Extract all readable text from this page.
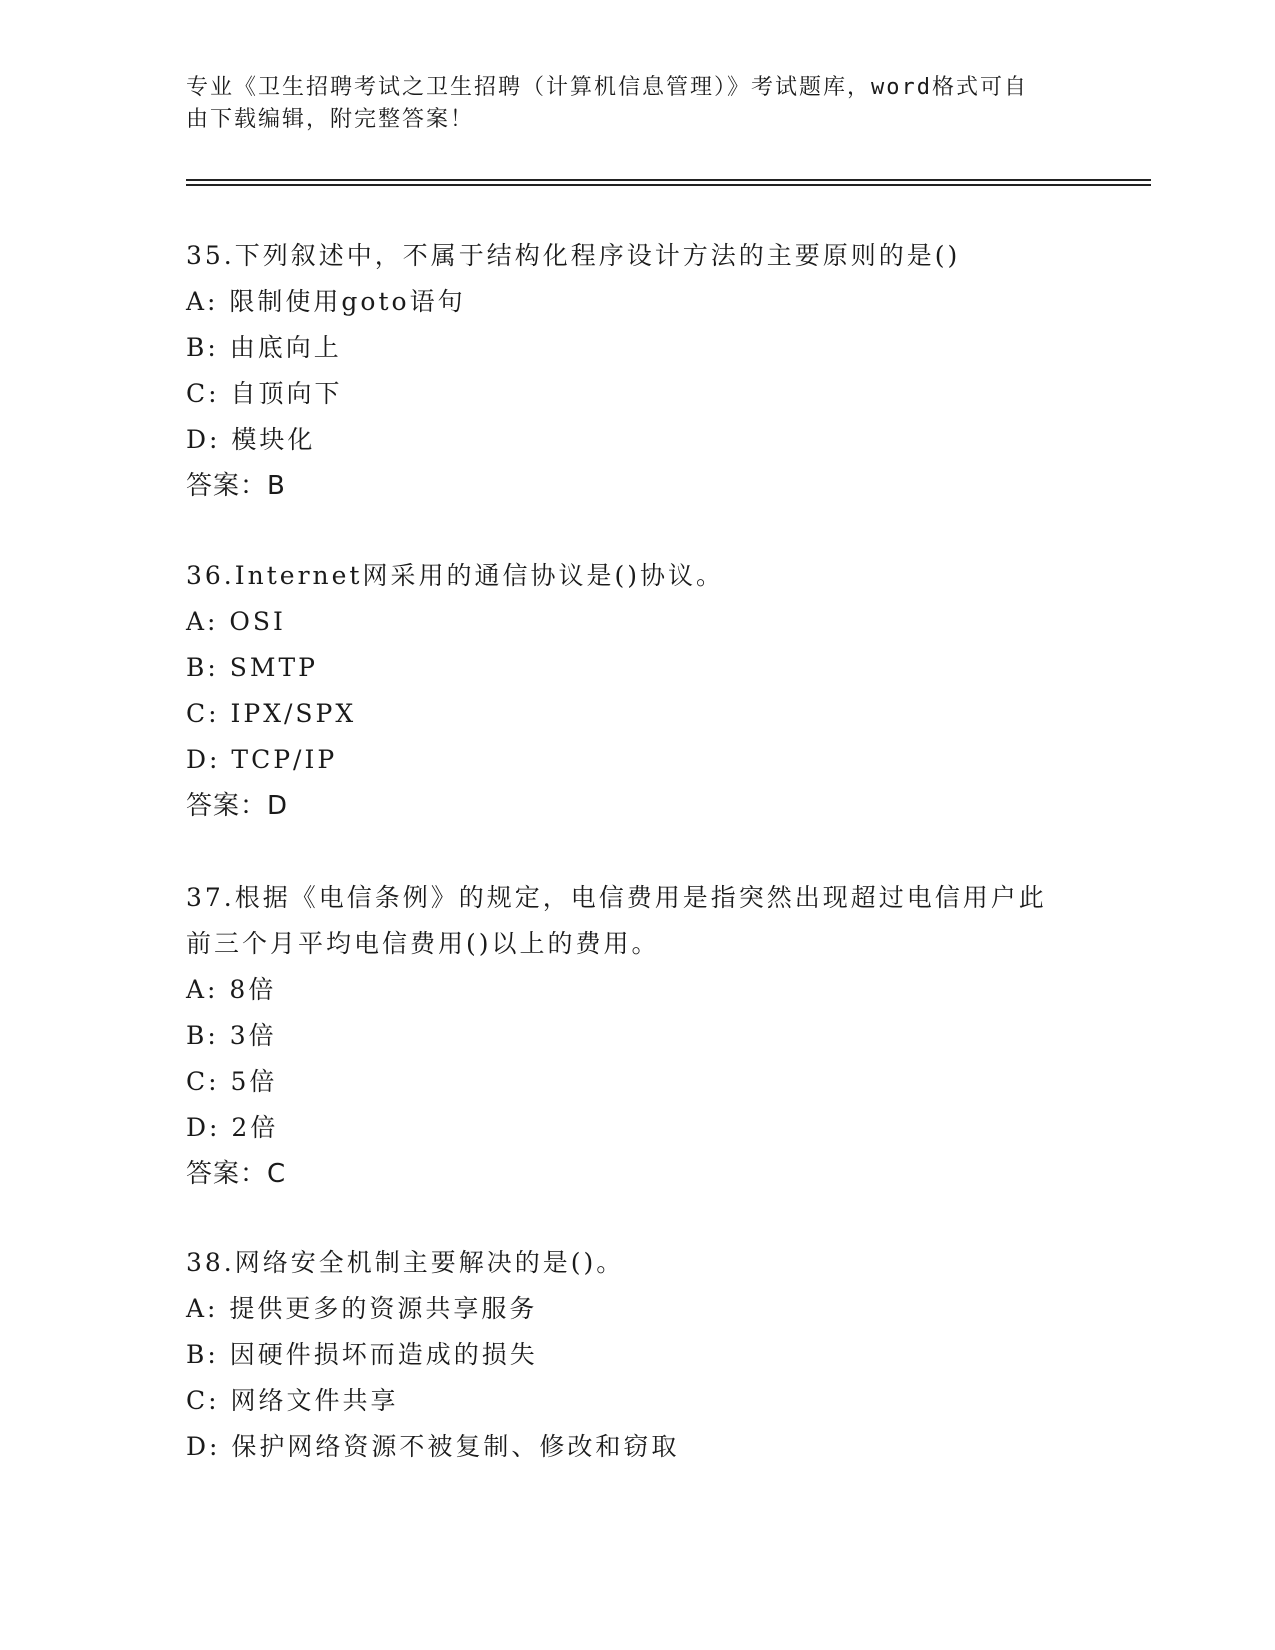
专业《卫生招聘考试之卫生招聘（计算机信息管理）》考试题库，word格式可自
由下载编辑，附完整答案！
35.下列叙述中，不属于结构化程序设计方法的主要原则的是()
A: 限制使用goto语句
B: 由底向上
C: 自顶向下
D: 模块化
答案：B
36.Internet网采用的通信协议是()协议。
A: OSI
B: SMTP
C: IPX/SPX
D: TCP/IP
答案：D
37.根据《电信条例》的规定，电信费用是指突然出现超过电信用户此
前三个月平均电信费用()以上的费用。
A: 8倍
B: 3倍
C: 5倍
D: 2倍
答案：C
38.网络安全机制主要解决的是()。
A: 提供更多的资源共享服务
B: 因硬件损坏而造成的损失
C: 网络文件共享
D: 保护网络资源不被复制、修改和窃取
